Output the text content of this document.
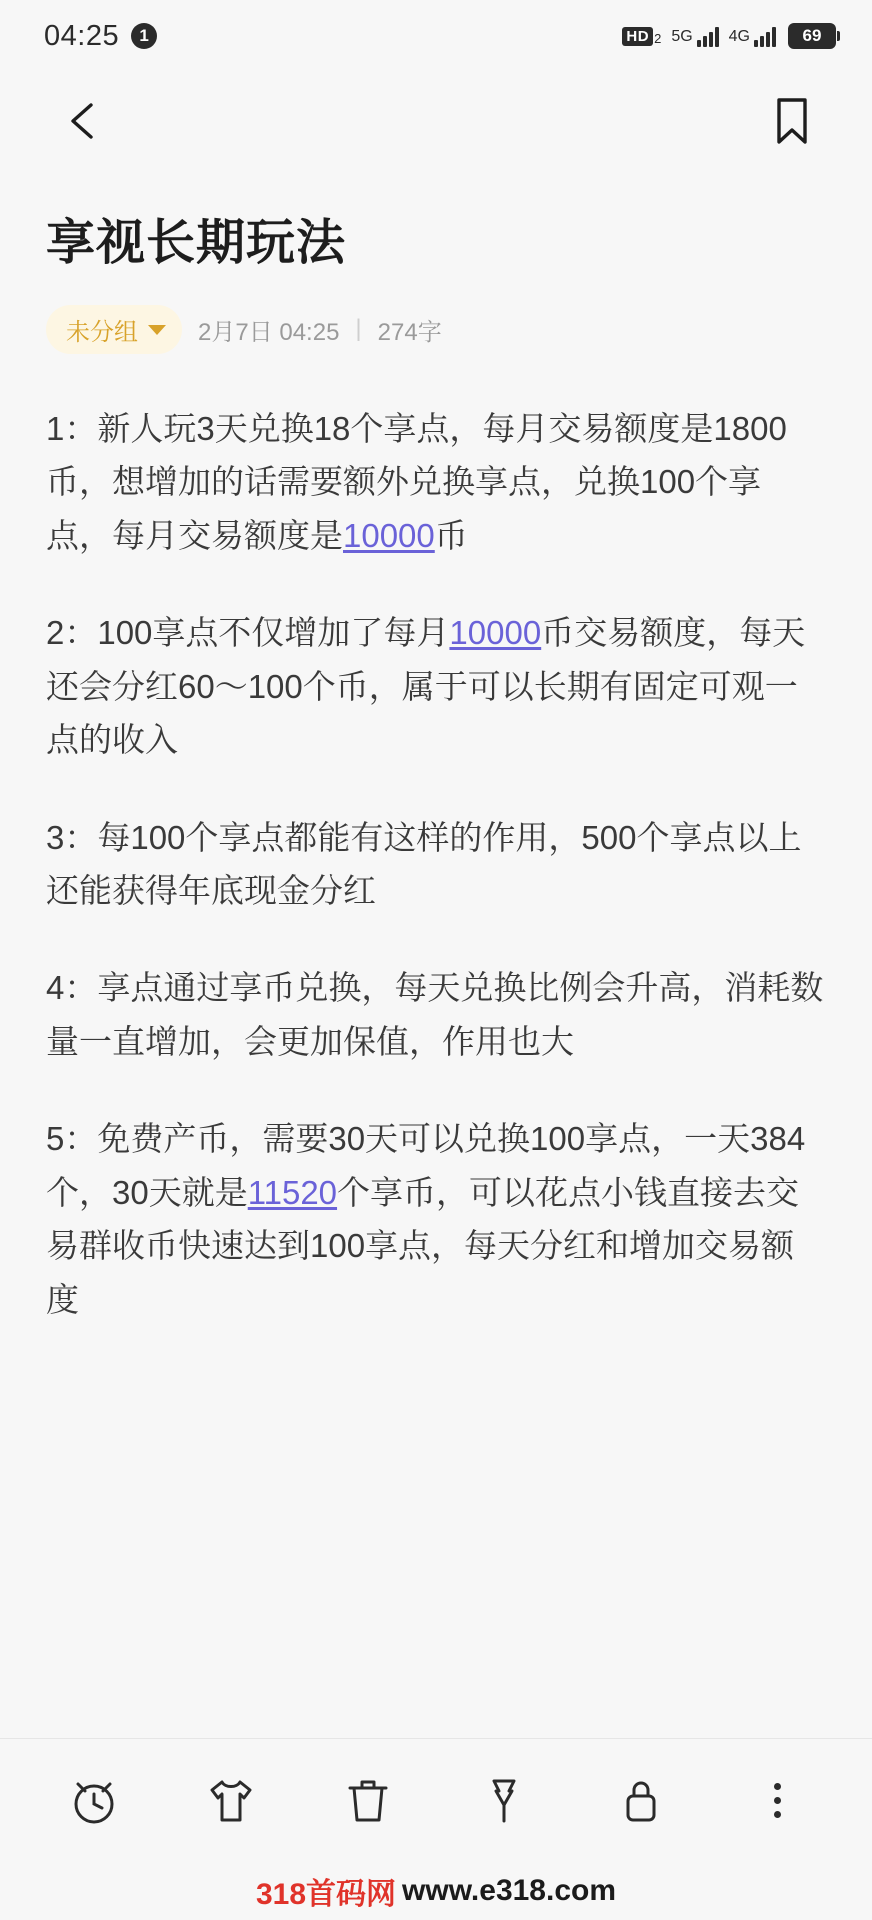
04:25	1	HD 2 5G 4G	69
享视长期玩法
未分组	2月7日 04:25 | 274字
1：新人玩3天兑换18个享点，每月交易额度是1800币，想增加的话需要额外兑换享点，兑换100个享点，每月交易额度是10000币
2：100享点不仅增加了每月10000币交易额度，每天还会分红60～100个币，属于可以长期有固定可观一点的收入
3：每100个享点都能有这样的作用，500个享点以上还能获得年底现金分红
4：享点通过享币兑换，每天兑换比例会升高，消耗数量一直增加，会更加保值，作用也大
5：免费产币，需要30天可以兑换100享点，一天384个，30天就是11520个享币，可以花点小钱直接去交易群收币快速达到100享点，每天分红和增加交易额度
318首码网 www.e318.com
